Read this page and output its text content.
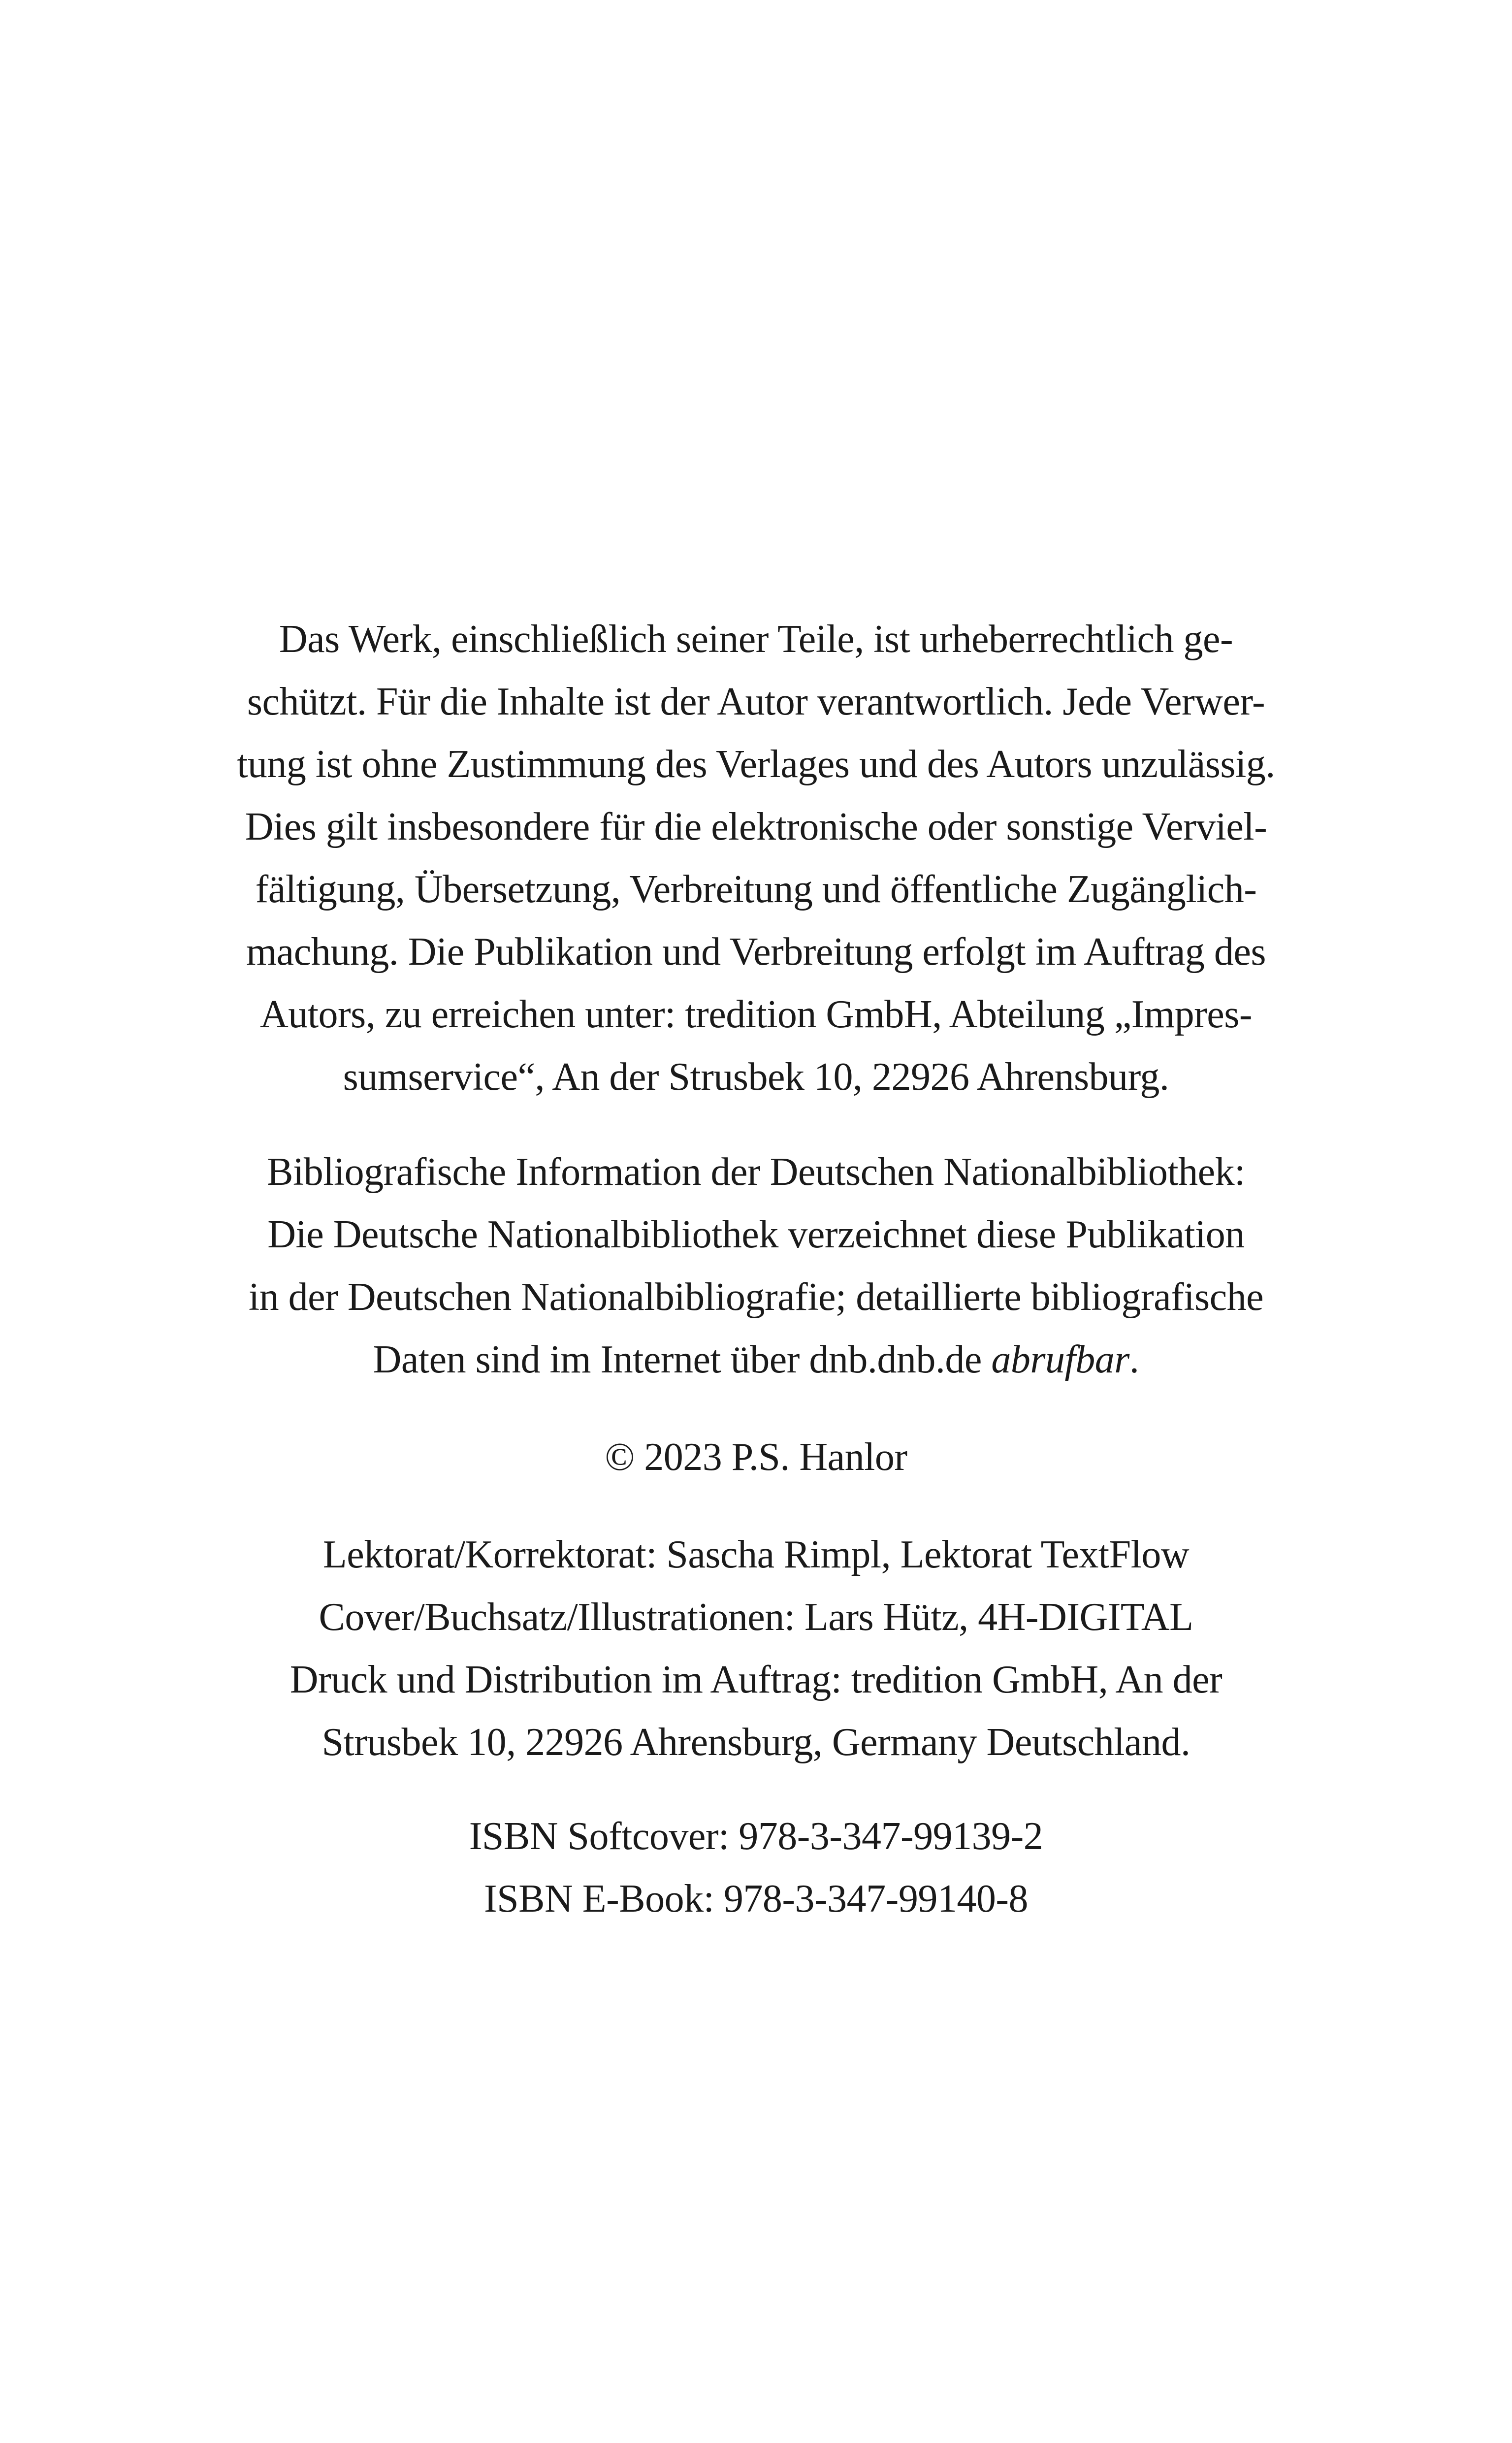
Das Werk, einschließlich seiner Teile, ist urheberrechtlich ge-
schützt. Für die Inhalte ist der Autor verantwortlich. Jede Verwer-
tung ist ohne Zustimmung des Verlages und des Autors unzulässig.
Dies gilt insbesondere für die elektronische oder sonstige Verviel-
fältigung, Übersetzung, Verbreitung und öffentliche Zugänglich-
machung. Die Publikation und Verbreitung erfolgt im Auftrag des
Autors, zu erreichen unter: tredition GmbH, Abteilung „Impres-
sumservice“, An der Strusbek 10, 22926 Ahrensburg.
Bibliografische Information der Deutschen Nationalbibliothek:
Die Deutsche Nationalbibliothek verzeichnet diese Publikation
in der Deutschen Nationalbibliografie; detaillierte bibliografische
Daten sind im Internet über dnb.dnb.de abrufbar.
© 2023 P.S. Hanlor
Lektorat/Korrektorat: Sascha Rimpl, Lektorat TextFlow
Cover/Buchsatz/Illustrationen: Lars Hütz, 4H-DIGITAL
Druck und Distribution im Auftrag: tredition GmbH, An der
Strusbek 10, 22926 Ahrensburg, Germany Deutschland.
ISBN Softcover: 978-3-347-99139-2
ISBN E-Book: 978-3-347-99140-8
